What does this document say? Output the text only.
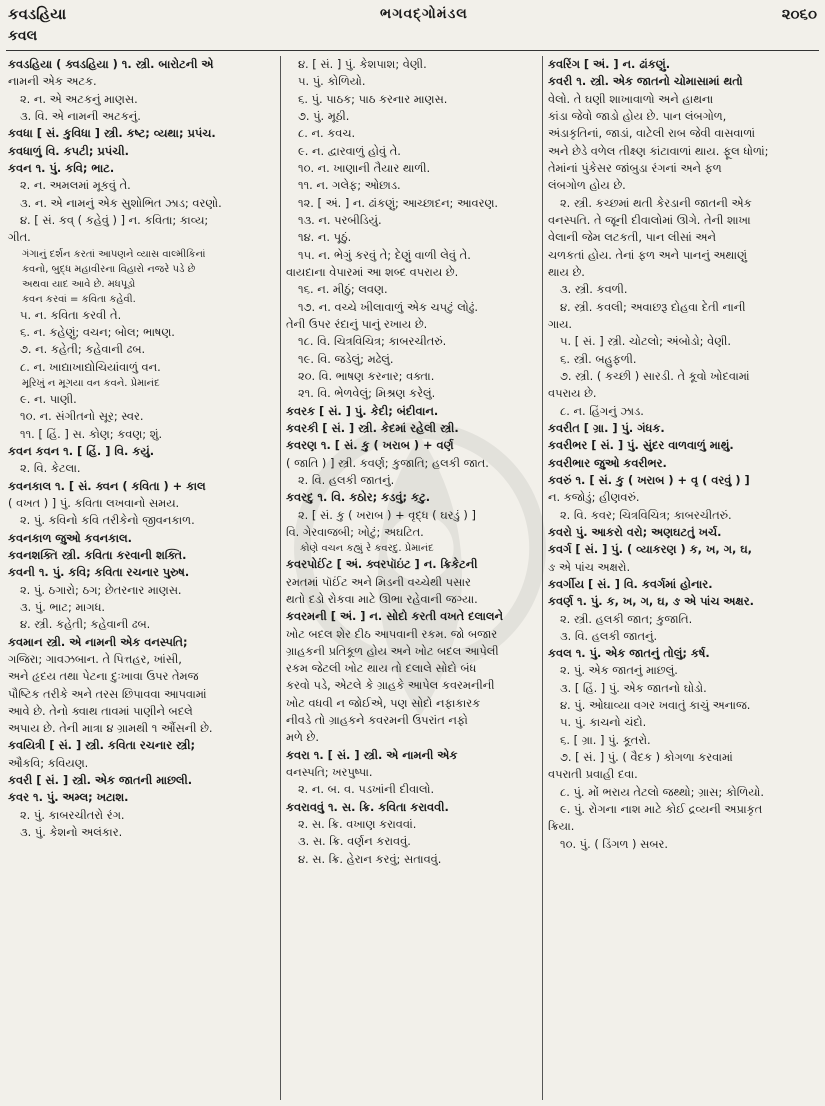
કવડહિયા	ભગવદ્ગોમંડલ	૨૦૬૦
કવલ
કવડહિયા ( ક્વડહિયા ) ૧. સ્ત્રી. બારોટની એ
નામની એક અટક.
૨. ન. એ અટકનું માણસ.
૩. વિ. એ નામની અટકનું.
કવધા [ સં. કુવિધા ] સ્ત્રી. કષ્ટ; વ્યથા; પ્રપંચ.
કવધાળું વિ. કપટી; પ્રપંચી.
કવન ૧. પું. કવિ; ભાટ.
૨. ન. અમલમાં મૂકવું તે.
૩. ન. એ નામનું એક સુશોભિત ઝાડ; વરણો.
૪. [ સં. કવ્ ( કહેવું ) ] ન. કવિતા; કાવ્ય;
ગીત.
ગંગાનું દર્શન કરતાં આપણને વ્યાસ વાલ્મીકિનાં
કવનો, બુદ્ધ મહાવીરના વિહારો નજરે પડે છે
અથવા યાદ આવે છે. મધપૂડો
કવન કરવાં = કવિતા કહેવી.
૫. ન. કવિતા કરવી તે.
૬. ન. કહેણું; વચન; બોલ; ભાષણ.
૭. ન. કહેતી; કહેવાની ઢબ.
૮. ન. ખાદ્યાખાદ્યોચિયાંવાળું વન.
મૂરિખું ન મૂગયા વન કવને. પ્રેમાનંદ
૯. ન. પાણી.
૧૦. ન. સંગીતનો સૂર; સ્વર.
૧૧. [ હિં. ] સ. કોણ; કવણ; શું.
કવન કવન ૧. [ હિં. ] વિ. કયું.
૨. વિ. કેટલા.
કવનકાલ ૧. [ સં. ક્વન ( કવિતા ) + કાલ
( વખત ) ] પું. કવિતા લખવાનો સમય.
૨. પું. કવિનો કવિ તરીકેનો જીવનકાળ.
કવનકાળ જુઓ કવનકાલ.
કવનશક્તિ સ્ત્રી. કવિતા કરવાની શક્તિ.
કવની ૧. પું. કવિ; કવિતા રચનાર પુરુષ.
૨. પું. ઠગારો; ઠગ; છેતરનાર માણસ.
૩. પું. ભાટ; માગધ.
૪. સ્ત્રી. કહેતી; કહેવાની ઢબ.
કવમાન સ્ત્રી. એ નામની એક વનસ્પતિ;
ગજિરા; ગાવઝબાન. તે પિત્તહર, ખાંસી,
અને હૃદય તથા પેટના દુઃખાવા ઉપર તેમજ
પૌષ્ટિક તરીકે અને તરસ છિપાવવા આપવામાં
આવે છે. તેનો ક્વાથ તાવમાં પાણીને બદલે
અપાય છે. તેની માત્રા ૪ ગ્રામથી ૧ ઔંસની છે.
કવયિત્રી [ સં. ] સ્ત્રી. કવિતા રચનાર સ્ત્રી;
ઔકવિ; કવિયણ.
કવરી [ સં. ] સ્ત્રી. એક જાતની માછલી.
કવર ૧. પું. અમ્લ; ખટાશ.
૨. પું. કાબરચીતરો રંગ.
૩. પું. કેશનો અલંકાર.
૪. [ સં. ] પું. કેશપાશ; વેણી.
૫. પું. કોળિયો.
૬. પું. પાઠક; પાઠ કરનાર માણસ.
૭. પું. મૂઠી.
૮. ન. કવચ.
૯. ન. દ્વારવાળું હોવું તે.
૧૦. ન. ખાણાની તૈયાર થાળી.
૧૧. ન. ગલેફ; ઓછાડ.
૧૨. [ અં. ] ન. ઢાંકણું; આચ્છાદન; આવરણ.
૧૩. ન. પરબીડિયું.
૧૪. ન. પૂઠું.
૧૫. ન. ભેગું કરવું તે; દેણું વાળી લેવું તે.
વાયદાના વેપારમાં આ શબ્દ વપરાય છે.
૧૬. ન. મીઠું; લવણ.
૧૭. ન. વચ્ચે ખીલાવાળું એક ચપટું લોઢું.
તેની ઉપર રંદાનું પાનું રખાય છે.
૧૮. વિ. ચિત્રવિચિત્ર; કાબરચીતરું.
૧૯. વિ. જડેલું; મઢેલું.
૨૦. વિ. ભાષણ કરનાર; વક્તા.
૨૧. વિ. ભેળવેલું; મિશ્રણ કરેલું.
કવરક [ સં. ] પું. કેદી; બંદીવાન.
કવરકી [ સં. ] સ્ત્રી. કેદમાં રહેલી સ્ત્રી.
કવરણ ૧. [ સં. કુ ( ખરાબ ) + વર્ણ
( જાતિ ) ] સ્ત્રી. કવર્ણ; કુજાતિ; હલકી જાત.
૨. વિ. હલકી જાતનું.
કવરદુ ૧. વિ. કઠોર; કડવું; કટુ.
૨. [ સં. કુ ( ખરાબ ) + વૃદ્ધ ( ઘરડું ) ]
વિ. ગેરવાજબી; ખોટું; અઘટિત.
કોણે વચન કહ્યું રે કવરદુ. પ્રેમાનંદ
કવરપોઈંટ [ અં. ક્વરપૉઇંટ ] ન. ક્રિકેટની
રમતમાં પૉઈંટ અને મિડની વચ્ચેથી પસાર
થતો દડો રોકવા માટે ઊભા રહેવાની જગ્યા.
કવરમની [ અં. ] ન. સોદો કરતી વખતે દલાલને
ખોટ બદલ શેર દીઠ આપવાની રકમ. જો બજાર
ગ્રાહકની પ્રતિકૂળ હોય અને ખોટ બદલ આપેલી
રકમ જેટલી ખોટ થાય તો દલાલે સોદો બંધ
કરવો પડે, એટલે કે ગ્રાહકે આપેલ કવરમનીની
ખોટ વધવી ન જોઈએ, પણ સોદો નફાકારક
નીવડે તો ગ્રાહકને કવરમની ઉપરાંત નફો
મળે છે.
કવરા ૧. [ સં. ] સ્ત્રી. એ નામની એક
વનસ્પતિ; ખરપુષ્પા.
૨. ન. બ. વ. પડખાંની દીવાલો.
કવરાવવું ૧. સ. ક્રિ. કવિતા કરાવવી.
૨. સ. ક્રિ. વખાણ કરાવવાં.
૩. સ. ક્રિ. વર્ણન કરાવવું.
૪. સ. ક્રિ. હેરાન કરવું; સતાવવું.
કવરિંગ [ અં. ] ન. ઢાંકણું.
કવરી ૧. સ્ત્રી. એક જાતનો ચોમાસામાં થતો
વેલો. તે ઘણી શાખાવાળો અને હાથના
કાંડા જેવો જાડો હોય છે. પાન લંબગોળ,
અંડાકૃતિનાં, જાડાં, વાટેલી રાબ જેવી વાસવાળાં
અને છેડે વળેલ તીક્ષ્ણ કાંટાવાળાં થાય. ફૂલ ધોળાં;
તેમાંનાં પુંકેસર જાંબુડા રંગનાં અને ફળ
લંબગોળ હોય છે.
૨. સ્ત્રી. કચ્છમાં થતી કેરડાની જાતની એક
વનસ્પતિ. તે જૂની દીવાલોમાં ઊગે. તેની શાખા
વેલાની જેમ લટકતી, પાન લીસાં અને
ચળકતાં હોય. તેનાં ફળ અને પાનનું અથાણું
થાય છે.
૩. સ્ત્રી. કવળી.
૪. સ્ત્રી. કવલી; અવાછરૂ દોહવા દેતી નાની
ગાય.
૫. [ સં. ] સ્ત્રી. ચોટલો; અંબોડો; વેણી.
૬. સ્ત્રી. બહુફળી.
૭. સ્ત્રી. ( કચ્છી ) સારડી. તે કૂવો ખોદવામાં
વપરાય છે.
૮. ન. હિંગનું ઝાડ.
કવરીત [ ગ્રા. ] પું. ગંધક.
કવરીભર [ સં. ] પું. સુંદર વાળવાળું માથું.
કવરીભાર જુઓ કવરીભર.
કવરું ૧. [ સં. કુ ( ખરાબ ) + વૃ ( વરવું ) ]
ન. કજોડું; હીણવરું.
૨. વિ. કવર; ચિત્રવિચિત્ર; કાબરચીતરું.
કવરો પું. આકરો વરો; અણઘટતું ખર્ચ.
કવર્ગ [ સં. ] પું. ( વ્યાકરણ ) ક, ખ, ગ, ઘ,
ઙ એ પાંચ અક્ષરો.
કવર્ગીય [ સં. ] વિ. કવર્ગમાં હોનાર.
કવર્ણ ૧. પું. ક, ખ, ગ, ઘ, ઙ એ પાંચ અક્ષર.
૨. સ્ત્રી. હલકી જાત; કુજાતિ.
૩. વિ. હલકી જાતનું.
કવલ ૧. પું. એક જાતનું તોલું; કર્ષ.
૨. પું. એક જાતનું માછલું.
૩. [ હિં. ] પું. એક જાતનો ઘોડો.
૪. પું. ઓઘાવ્યા વગર ખવાતું કાચું અનાજ.
૫. પું. કાચનો ચંદો.
૬. [ ગ્રા. ] પું. કૂતરો.
૭. [ સં. ] પું. ( વૈદક ) કોગળા કરવામાં
વપરાતી પ્રવાહી દવા.
૮. પું. મોં ભરાય તેટલો જથ્થો; ગ્રાસ; કોળિયો.
૯. પું. રોગના નાશ માટે કોઈ દ્રવ્યની અપ્રાકૃત
ક્રિયા.
૧૦. પું. ( ડિંગળ ) સબર.
